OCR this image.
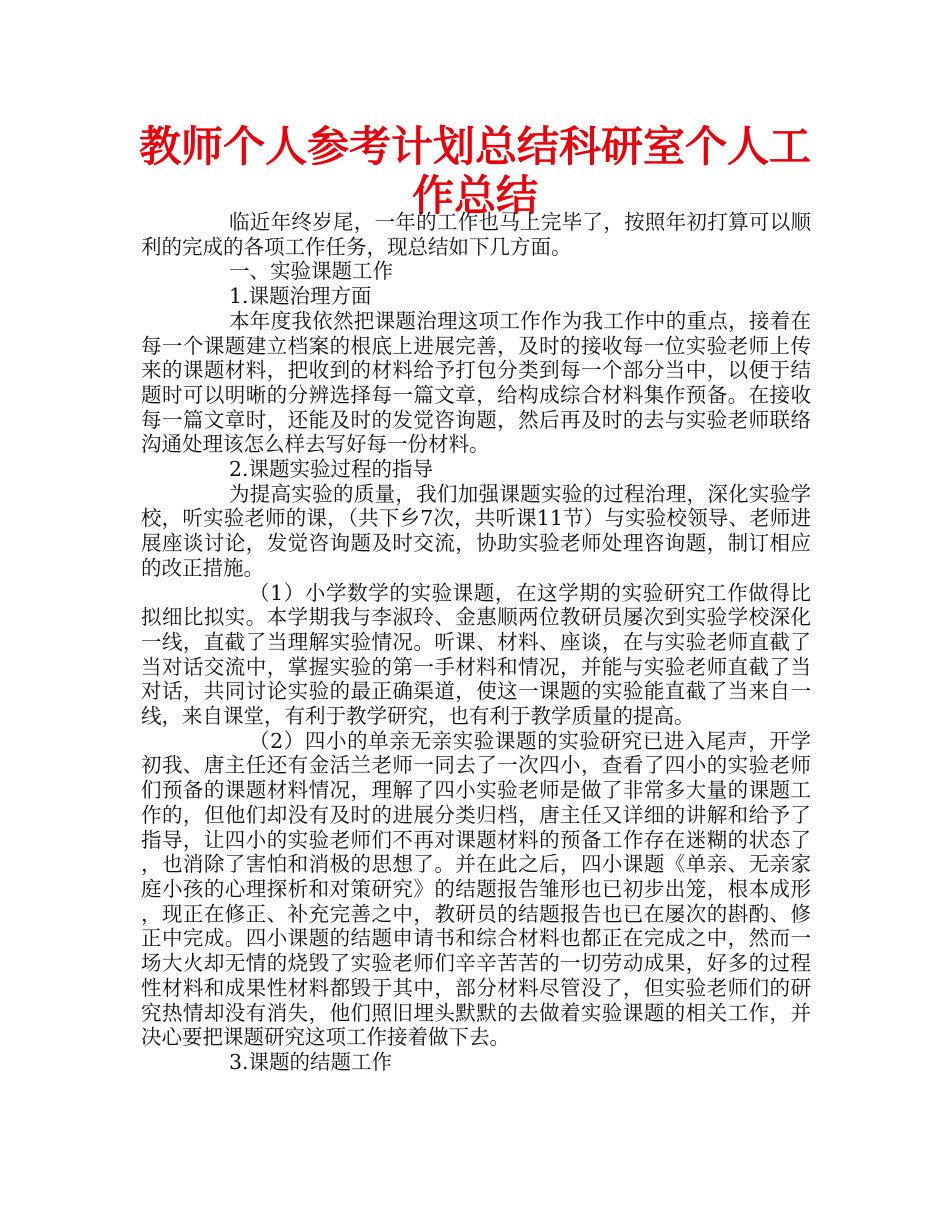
教师个人参考计划总结科研室个人工作总结

临近年终岁尾，一年的工作也马上完毕了，按照年初打算可以顺利的完成的各项工作任务，现总结如下几方面。

一、实验课题工作

1.课题治理方面

本年度我依然把课题治理这项工作作为我工作中的重点，接着在每一个课题建立档案的根底上进展完善，及时的接收每一位实验老师上传来的课题材料，把收到的材料给予打包分类到每一个部分当中，以便于结题时可以明晰的分辨选择每一篇文章，给构成综合材料集作预备。在接收每一篇文章时，还能及时的发觉咨询题，然后再及时的去与实验老师联络沟通处理该怎么样去写好每一份材料。

2.课题实验过程的指导

为提高实验的质量，我们加强课题实验的过程治理，深化实验学校，听实验老师的课，（共下乡7次，共听课11节）与实验校领导、老师进展座谈讨论，发觉咨询题及时交流，协助实验老师处理咨询题，制订相应的改正措施。

（1）小学数学的实验课题，在这学期的实验研究工作做得比拟细比拟实。本学期我与李淑玲、金惠顺两位教研员屡次到实验学校深化一线，直截了当理解实验情况。听课、材料、座谈，在与实验老师直截了当对话交流中，掌握实验的第一手材料和情况，并能与实验老师直截了当对话，共同讨论实验的最正确渠道，使这一课题的实验能直截了当来自一线，来自课堂，有利于教学研究，也有利于教学质量的提高。

（2）四小的单亲无亲实验课题的实验研究已进入尾声，开学初我、唐主任还有金活兰老师一同去了一次四小，查看了四小的实验老师们预备的课题材料情况，理解了四小实验老师是做了非常多大量的课题工作的，但他们却没有及时的进展分类归档，唐主任又详细的讲解和给予了指导，让四小的实验老师们不再对课题材料的预备工作存在迷糊的状态了，也消除了害怕和消极的思想了。并在此之后，四小课题《单亲、无亲家庭小孩的心理探析和对策研究》的结题报告雏形也已初步出笼，根本成形，现正在修正、补充完善之中，教研员的结题报告也已在屡次的斟酌、修正中完成。四小课题的结题申请书和综合材料也都正在完成之中，然而一场大火却无情的烧毁了实验老师们辛辛苦苦的一切劳动成果，好多的过程性材料和成果性材料都毁于其中，部分材料尽管没了，但实验老师们的研究热情却没有消失，他们照旧埋头默默的去做着实验课题的相关工作，并决心要把课题研究这项工作接着做下去。

3.课题的结题工作
